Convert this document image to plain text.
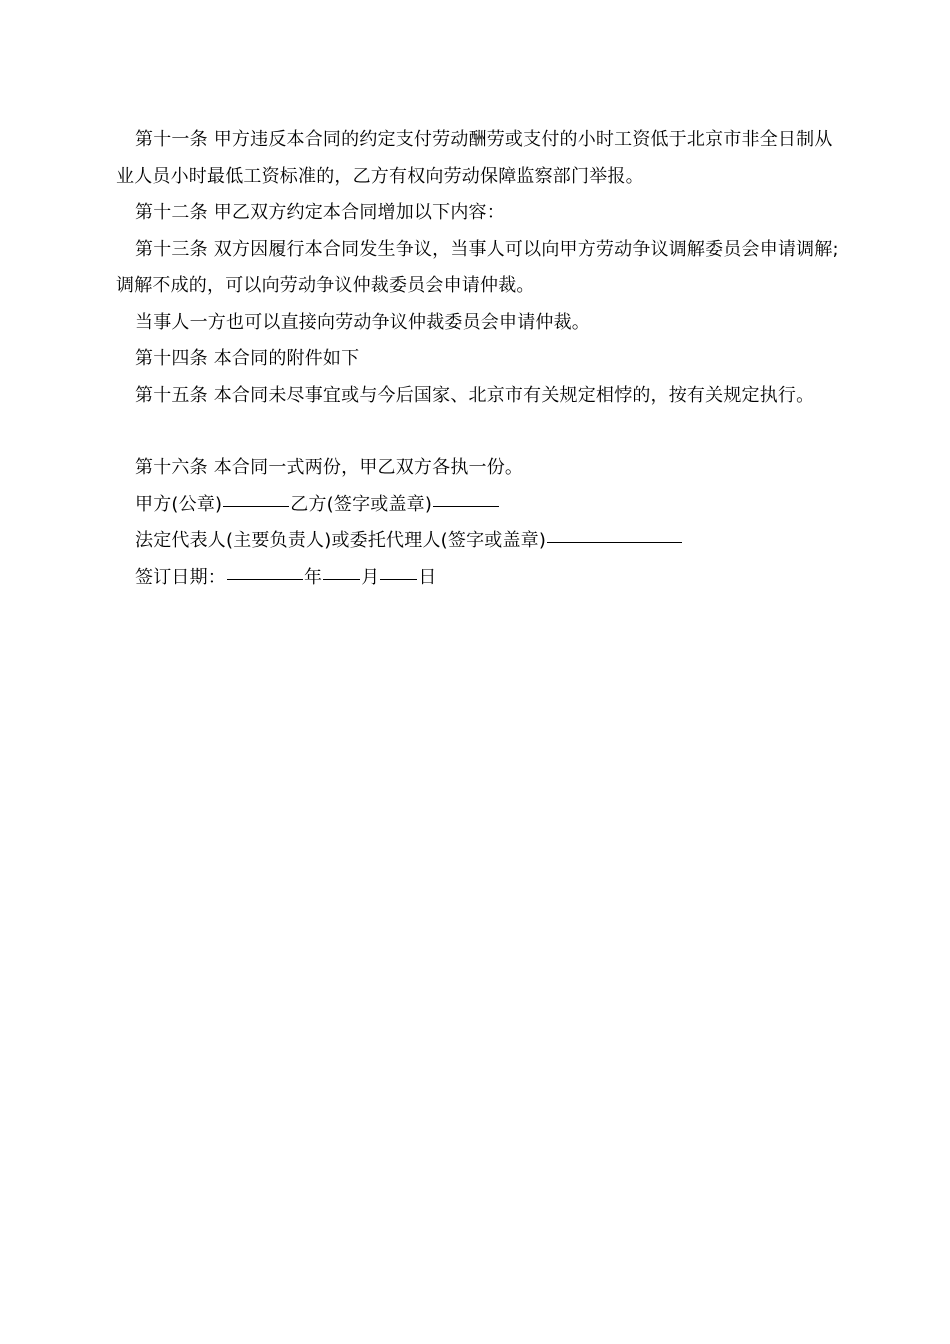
第十一条 甲方违反本合同的约定支付劳动酬劳或支付的小时工资低于北京市非全日制从业人员小时最低工资标准的，乙方有权向劳动保障监察部门举报。

第十二条 甲乙双方约定本合同增加以下内容：

第十三条 双方因履行本合同发生争议，当事人可以向甲方劳动争议调解委员会申请调解;调解不成的，可以向劳动争议仲裁委员会申请仲裁。

当事人一方也可以直接向劳动争议仲裁委员会申请仲裁。

第十四条 本合同的附件如下

第十五条 本合同未尽事宜或与今后国家、北京市有关规定相悖的，按有关规定执行。

第十六条 本合同一式两份，甲乙双方各执一份。

甲方(公章)	乙方(签字或盖章)

法定代表人(主要负责人)或委托代理人(签字或盖章)

签订日期：	年 月 日
